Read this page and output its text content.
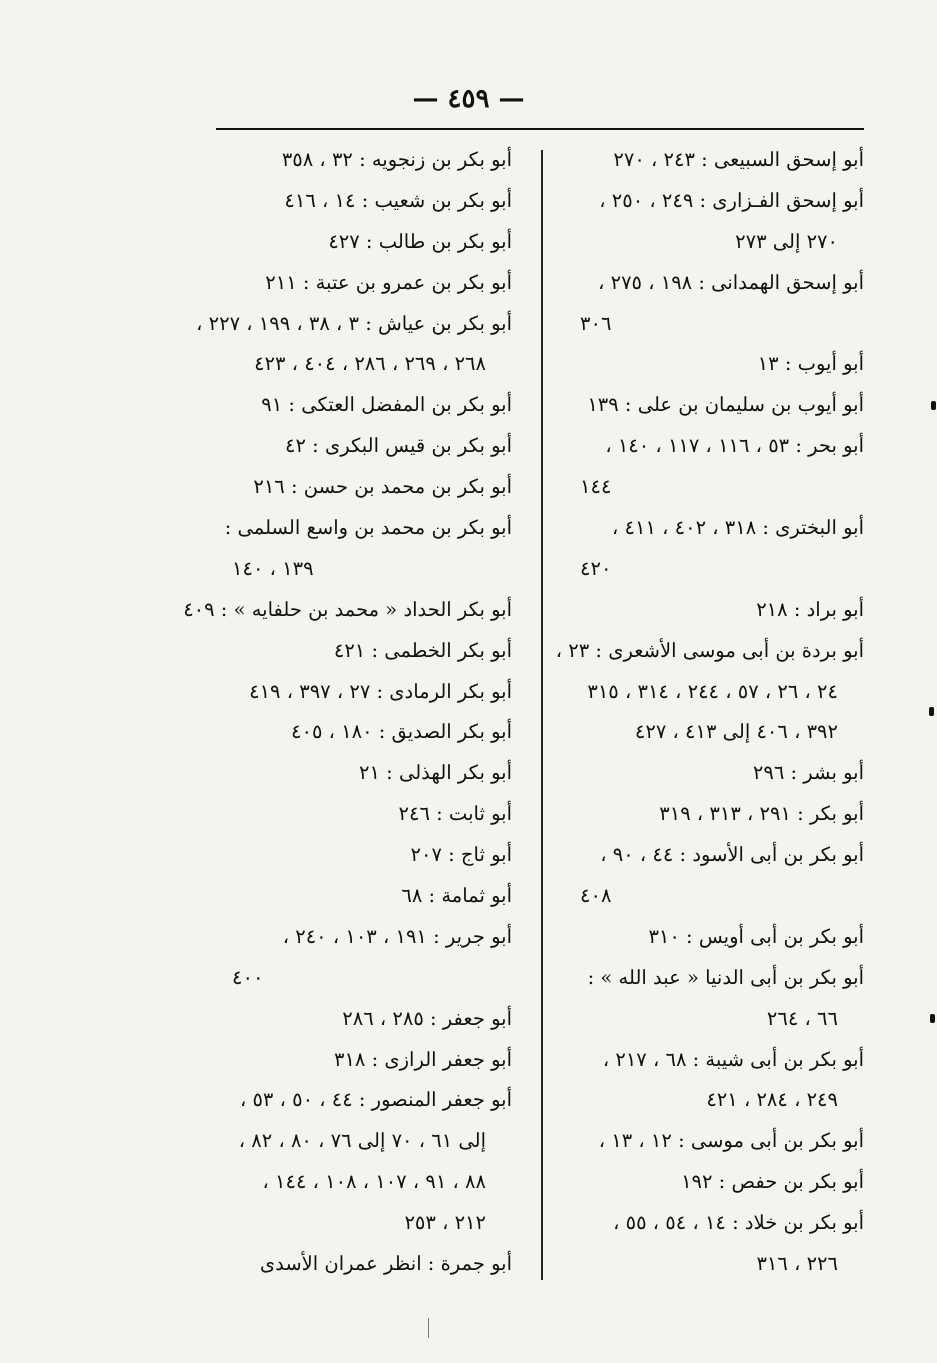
— ٤٥٩ —
أبو إسحق السبيعى : ٢٤٣ ، ٢٧٠
أبو إسحق الفـزارى : ٢٤٩ ، ٢٥٠ ،
٢٧٠ إلى ٢٧٣
أبو إسحق الهمدانى : ١٩٨ ، ٢٧٥ ،
٣٠٦
أبو أيوب : ١٣
أبو أيوب بن سليمان بن على : ١٣٩
أبو بحر : ٥٣ ، ١١٦ ، ١١٧ ، ١٤٠ ،
١٤٤
أبو البخترى : ٣١٨ ، ٤٠٢ ، ٤١١ ،
٤٢٠
أبو براد : ٢١٨
أبو بردة بن أبى موسى الأشعرى : ٢٣ ،
٢٤ ، ٢٦ ، ٥٧ ، ٢٤٤ ، ٣١٤ ، ٣١٥
٣٩٢ ، ٤٠٦ إلى ٤١٣ ، ٤٢٧
أبو بشر : ٢٩٦
أبو بكر : ٢٩١ ، ٣١٣ ، ٣١٩
أبو بكر بن أبى الأسود : ٤٤ ، ٩٠ ،
٤٠٨
أبو بكر بن أبى أويس : ٣١٠
أبو بكر بن أبى الدنيا « عبد الله » :
٦٦ ، ٢٦٤
أبو بكر بن أبى شيبة : ٦٨ ، ٢١٧ ،
٢٤٩ ، ٢٨٤ ، ٤٢١
أبو بكر بن أبى موسى : ١٢ ، ١٣ ،
أبو بكر بن حفص : ١٩٢
أبو بكر بن خلاد : ١٤ ، ٥٤ ، ٥٥ ،
٢٢٦ ، ٣١٦
أبو بكر بن زنجويه : ٣٢ ، ٣٥٨
أبو بكر بن شعيب : ١٤ ، ٤١٦
أبو بكر بن طالب : ٤٢٧
أبو بكر بن عمرو بن عتبة : ٢١١
أبو بكر بن عياش : ٣ ، ٣٨ ، ١٩٩ ، ٢٢٧ ،
٢٦٨ ، ٢٦٩ ، ٢٨٦ ، ٤٠٤ ، ٤٢٣
أبو بكر بن المفضل العتكى : ٩١
أبو بكر بن قيس البكرى : ٤٢
أبو بكر بن محمد بن حسن : ٢١٦
أبو بكر بن محمد بن واسع السلمى :
١٣٩ ، ١٤٠
أبو بكر الحداد « محمد بن حلفايه » : ٤٠٩
أبو بكر الخطمى : ٤٢١
أبو بكر الرمادى : ٢٧ ، ٣٩٧ ، ٤١٩
أبو بكر الصديق : ١٨٠ ، ٤٠٥
أبو بكر الهذلى : ٢١
أبو ثابت : ٢٤٦
أبو ثاج : ٢٠٧
أبو ثمامة : ٦٨
أبو جرير : ١٩١ ، ١٠٣ ، ٢٤٠ ،
٤٠٠
أبو جعفر : ٢٨٥ ، ٢٨٦
أبو جعفر الرازى : ٣١٨
أبو جعفر المنصور : ٤٤ ، ٥٠ ، ٥٣ ،
إلى ٦١ ، ٧٠ إلى ٧٦ ، ٨٠ ، ٨٢ ،
٨٨ ، ٩١ ، ١٠٧ ، ١٠٨ ، ١٤٤ ،
٢١٢ ، ٢٥٣
أبو جمرة : انظر عمران الأسدى
